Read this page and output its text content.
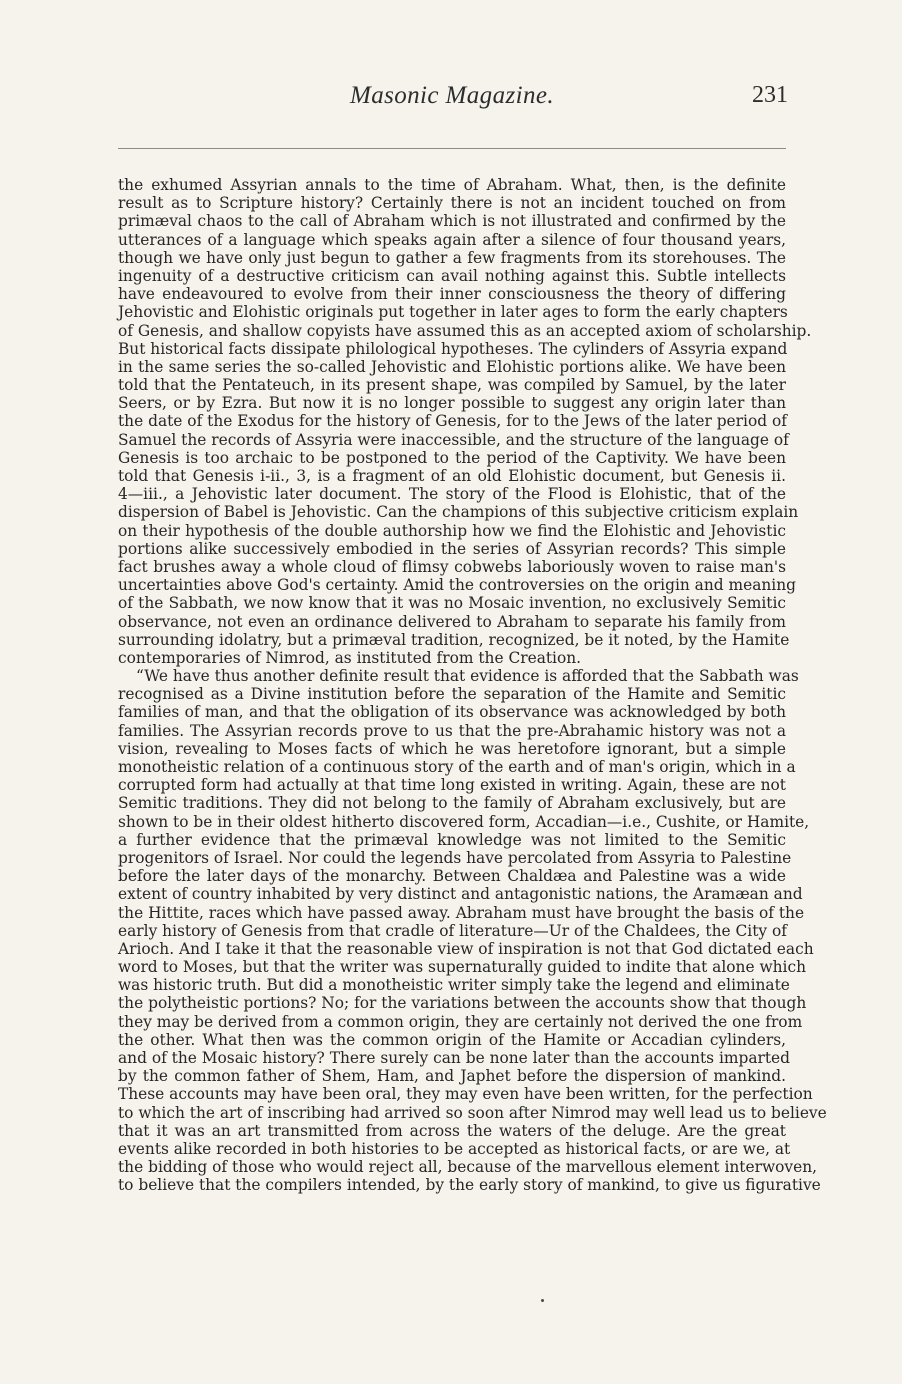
Masonic Magazine.	231
the exhumed Assyrian annals to the time of Abraham. What, then, is the definite
result as to Scripture history? Certainly there is not an incident touched on from
primæval chaos to the call of Abraham which is not illustrated and confirmed by the
utterances of a language which speaks again after a silence of four thousand years,
though we have only just begun to gather a few fragments from its storehouses. The
ingenuity of a destructive criticism can avail nothing against this. Subtle intellects
have endeavoured to evolve from their inner consciousness the theory of differing
Jehovistic and Elohistic originals put together in later ages to form the early chapters
of Genesis, and shallow copyists have assumed this as an accepted axiom of scholarship.
But historical facts dissipate philological hypotheses. The cylinders of Assyria expand
in the same series the so-called Jehovistic and Elohistic portions alike. We have been
told that the Pentateuch, in its present shape, was compiled by Samuel, by the later
Seers, or by Ezra. But now it is no longer possible to suggest any origin later than
the date of the Exodus for the history of Genesis, for to the Jews of the later period of
Samuel the records of Assyria were inaccessible, and the structure of the language of
Genesis is too archaic to be postponed to the period of the Captivity. We have been
told that Genesis i-ii., 3, is a fragment of an old Elohistic document, but Genesis ii.
4—iii., a Jehovistic later document. The story of the Flood is Elohistic, that of the
dispersion of Babel is Jehovistic. Can the champions of this subjective criticism explain
on their hypothesis of the double authorship how we find the Elohistic and Jehovistic
portions alike successively embodied in the series of Assyrian records? This simple
fact brushes away a whole cloud of flimsy cobwebs laboriously woven to raise man's
uncertainties above God's certainty. Amid the controversies on the origin and meaning
of the Sabbath, we now know that it was no Mosaic invention, no exclusively Semitic
observance, not even an ordinance delivered to Abraham to separate his family from
surrounding idolatry, but a primæval tradition, recognized, be it noted, by the Hamite
contemporaries of Nimrod, as instituted from the Creation.
“We have thus another definite result that evidence is afforded that the Sabbath was
recognised as a Divine institution before the separation of the Hamite and Semitic
families of man, and that the obligation of its observance was acknowledged by both
families. The Assyrian records prove to us that the pre-Abrahamic history was not a
vision, revealing to Moses facts of which he was heretofore ignorant, but a simple
monotheistic relation of a continuous story of the earth and of man's origin, which in a
corrupted form had actually at that time long existed in writing. Again, these are not
Semitic traditions. They did not belong to the family of Abraham exclusively, but are
shown to be in their oldest hitherto discovered form, Accadian—i.e., Cushite, or Hamite,
a further evidence that the primæval knowledge was not limited to the Semitic
progenitors of Israel. Nor could the legends have percolated from Assyria to Palestine
before the later days of the monarchy. Between Chaldæa and Palestine was a wide
extent of country inhabited by very distinct and antagonistic nations, the Aramæan and
the Hittite, races which have passed away. Abraham must have brought the basis of the
early history of Genesis from that cradle of literature—Ur of the Chaldees, the City of
Arioch. And I take it that the reasonable view of inspiration is not that God dictated each
word to Moses, but that the writer was supernaturally guided to indite that alone which
was historic truth. But did a monotheistic writer simply take the legend and eliminate
the polytheistic portions? No; for the variations between the accounts show that though
they may be derived from a common origin, they are certainly not derived the one from
the other. What then was the common origin of the Hamite or Accadian cylinders,
and of the Mosaic history? There surely can be none later than the accounts imparted
by the common father of Shem, Ham, and Japhet before the dispersion of mankind.
These accounts may have been oral, they may even have been written, for the perfection
to which the art of inscribing had arrived so soon after Nimrod may well lead us to believe
that it was an art transmitted from across the waters of the deluge. Are the great
events alike recorded in both histories to be accepted as historical facts, or are we, at
the bidding of those who would reject all, because of the marvellous element interwoven,
to believe that the compilers intended, by the early story of mankind, to give us figurative
